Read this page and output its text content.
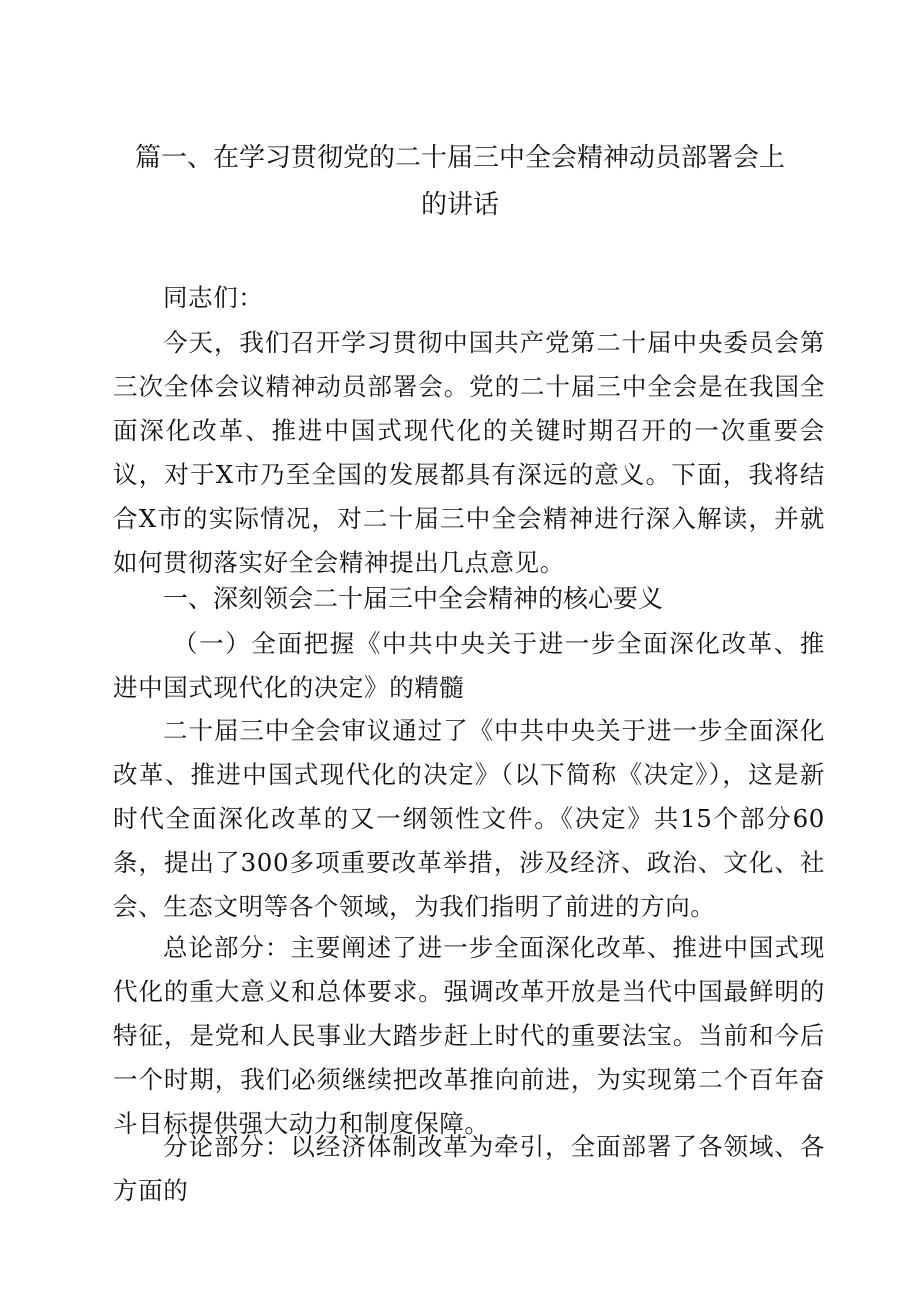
篇一、在学习贯彻党的二十届三中全会精神动员部署会上
的讲话
同志们：
今天，我们召开学习贯彻中国共产党第二十届中央委员会第三次全体会议精神动员部署会。党的二十届三中全会是在我国全面深化改革、推进中国式现代化的关键时期召开的一次重要会议，对于X市乃至全国的发展都具有深远的意义。下面，我将结合X市的实际情况，对二十届三中全会精神进行深入解读，并就如何贯彻落实好全会精神提出几点意见。
一、深刻领会二十届三中全会精神的核心要义
（一）全面把握《中共中央关于进一步全面深化改革、推进中国式现代化的决定》的精髓
二十届三中全会审议通过了《中共中央关于进一步全面深化改革、推进中国式现代化的决定》（以下简称《决定》），这是新时代全面深化改革的又一纲领性文件。《决定》共15个部分60条，提出了300多项重要改革举措，涉及经济、政治、文化、社会、生态文明等各个领域，为我们指明了前进的方向。
总论部分：主要阐述了进一步全面深化改革、推进中国式现代化的重大意义和总体要求。强调改革开放是当代中国最鲜明的特征，是党和人民事业大踏步赶上时代的重要法宝。当前和今后一个时期，我们必须继续把改革推向前进，为实现第二个百年奋斗目标提供强大动力和制度保障。
分论部分：以经济体制改革为牵引，全面部署了各领域、各方面的
